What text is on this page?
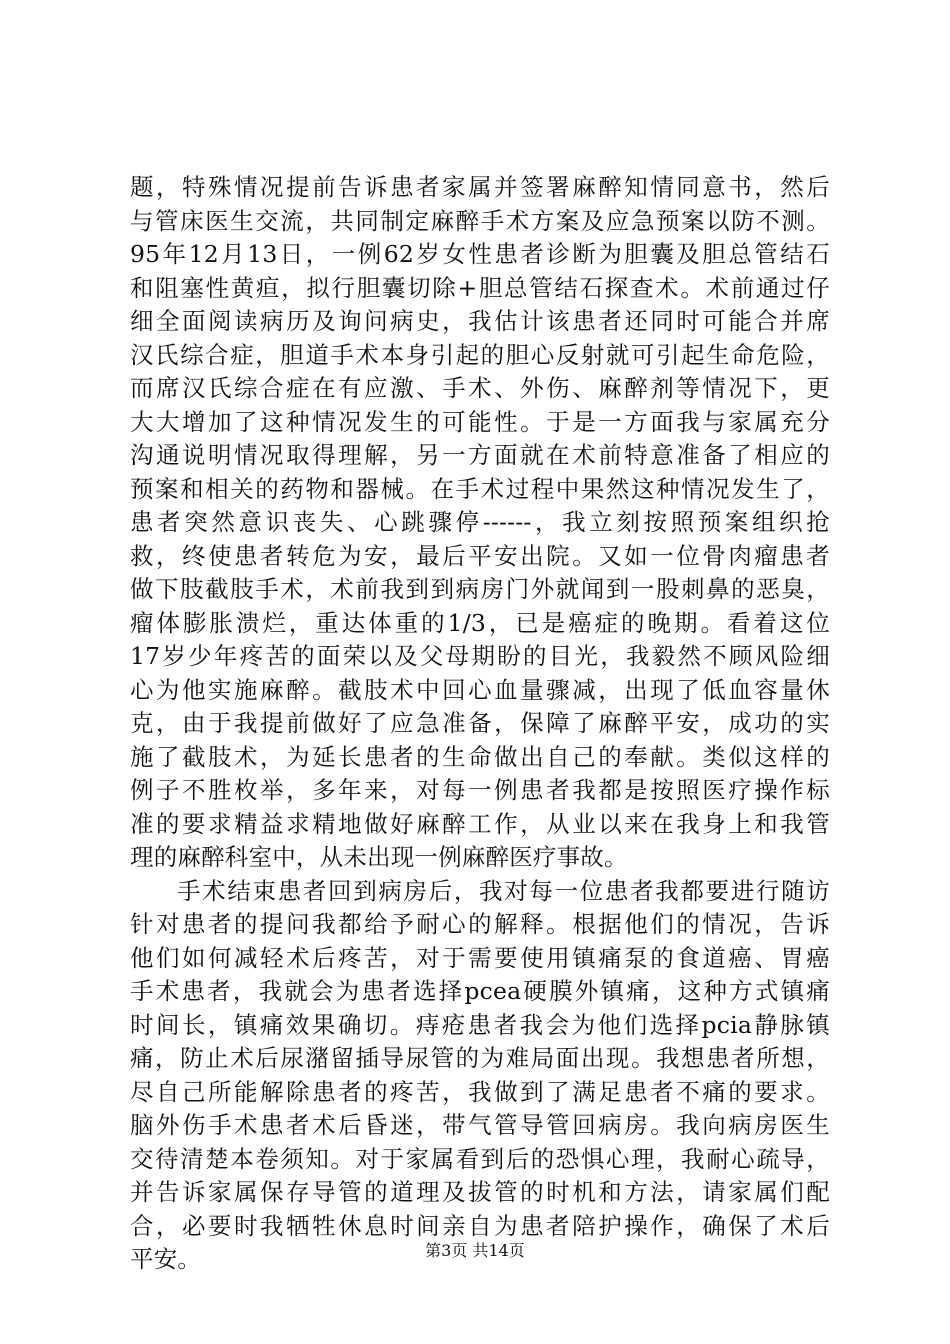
题，特殊情况提前告诉患者家属并签署麻醉知情同意书，然后
与管床医生交流，共同制定麻醉手术方案及应急预案以防不测。
95年12月13日，一例62岁女性患者诊断为胆囊及胆总管结石
和阻塞性黄疸，拟行胆囊切除+胆总管结石探查术。术前通过仔
细全面阅读病历及询问病史，我估计该患者还同时可能合并席
汉氏综合症，胆道手术本身引起的胆心反射就可引起生命危险，
而席汉氏综合症在有应激、手术、外伤、麻醉剂等情况下，更
大大增加了这种情况发生的可能性。于是一方面我与家属充分
沟通说明情况取得理解，另一方面就在术前特意准备了相应的
预案和相关的药物和器械。在手术过程中果然这种情况发生了，
患者突然意识丧失、心跳骤停------，我立刻按照预案组织抢
救，终使患者转危为安，最后平安出院。又如一位骨肉瘤患者
做下肢截肢手术，术前我到到病房门外就闻到一股刺鼻的恶臭，
瘤体膨胀溃烂，重达体重的1/3，已是癌症的晚期。看着这位
17岁少年疼苦的面荣以及父母期盼的目光，我毅然不顾风险细
心为他实施麻醉。截肢术中回心血量骤减，出现了低血容量休
克，由于我提前做好了应急准备，保障了麻醉平安，成功的实
施了截肢术，为延长患者的生命做出自己的奉献。类似这样的
例子不胜枚举，多年来，对每一例患者我都是按照医疗操作标
准的要求精益求精地做好麻醉工作，从业以来在我身上和我管
理的麻醉科室中，从未出现一例麻醉医疗事故。
手术结束患者回到病房后，我对每一位患者我都要进行随访
针对患者的提问我都给予耐心的解释。根据他们的情况，告诉
他们如何减轻术后疼苦，对于需要使用镇痛泵的食道癌、胃癌
手术患者，我就会为患者选择pcea硬膜外镇痛，这种方式镇痛
时间长，镇痛效果确切。痔疮患者我会为他们选择pcia静脉镇
痛，防止术后尿潴留插导尿管的为难局面出现。我想患者所想，
尽自己所能解除患者的疼苦，我做到了满足患者不痛的要求。
脑外伤手术患者术后昏迷，带气管导管回病房。我向病房医生
交待清楚本卷须知。对于家属看到后的恐惧心理，我耐心疏导，
并告诉家属保存导管的道理及拔管的时机和方法，请家属们配
合，必要时我牺牲休息时间亲自为患者陪护操作，确保了术后
平安。	第3页 共14页
